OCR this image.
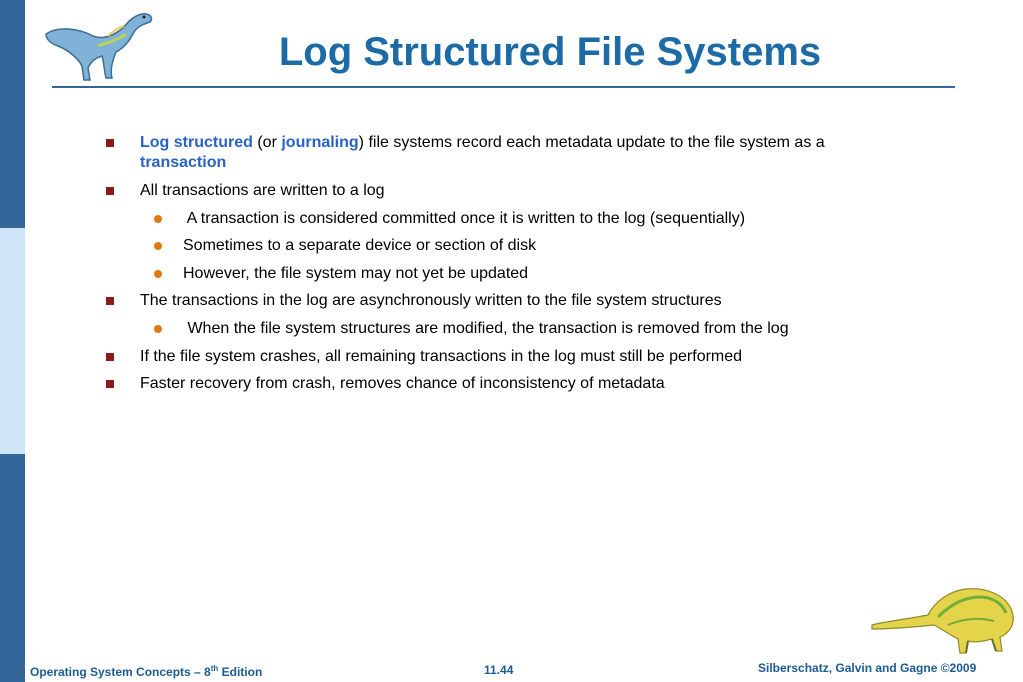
Log Structured File Systems
Log structured (or journaling) file systems record each metadata update to the file system as a
transaction
All transactions are written to a log
A transaction is considered committed once it is written to the log (sequentially)
Sometimes to a separate device or section of disk
However, the file system may not yet be updated
The transactions in the log are asynchronously written to the file system structures
When the file system structures are modified, the transaction is removed from the log
If the file system crashes, all remaining transactions in the log must still be performed
Faster recovery from crash, removes chance of inconsistency of metadata
Operating System Concepts – 8th Edition	11.44	Silberschatz, Galvin and Gagne ©2009
